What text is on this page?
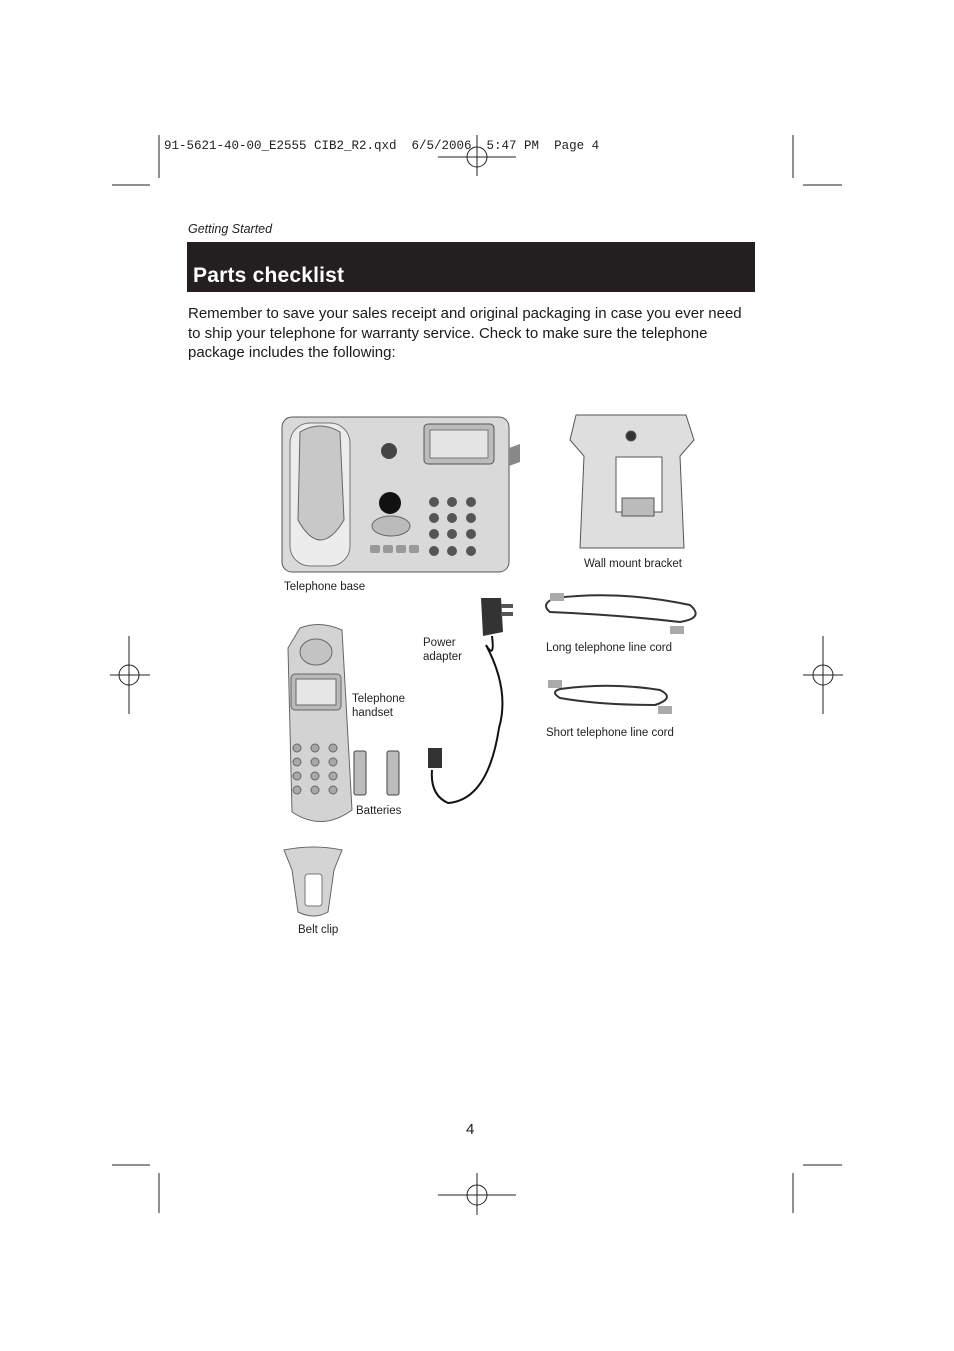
91-5621-40-00_E2555 CIB2_R2.qxd  6/5/2006  5:47 PM  Page 4
Getting Started
Parts checklist
Remember to save your sales receipt and original packaging in case you ever need to ship your telephone for warranty service. Check to make sure the telephone package includes the following:
Telephone base
Wall mount bracket
Power
adapter
Long telephone line cord
Telephone
handset
Short telephone line cord
Batteries
Belt clip
4
